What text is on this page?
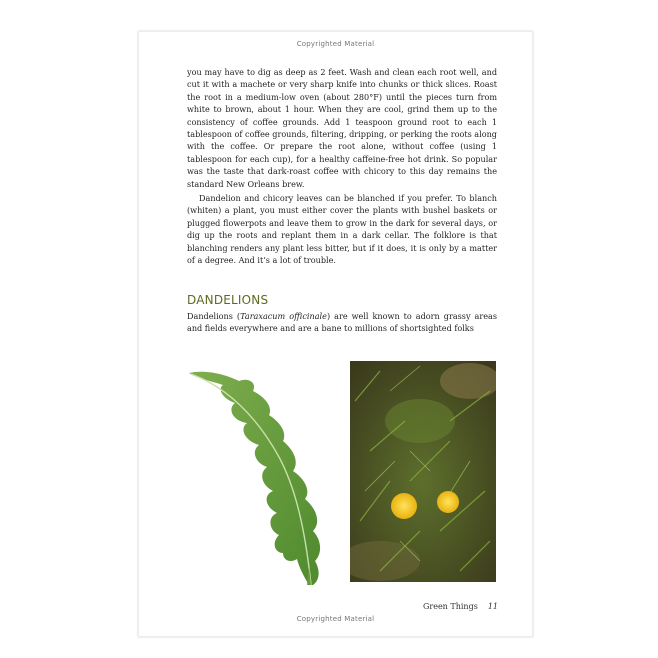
Copyrighted Material

you may have to dig as deep as 2 feet. Wash and clean each root well, and cut it with a machete or very sharp knife into chunks or thick slices. Roast the root in a medium-low oven (about 280°F) until the pieces turn from white to brown, about 1 hour. When they are cool, grind them up to the consistency of coffee grounds. Add 1 teaspoon ground root to each 1 tablespoon of coffee grounds, filtering, dripping, or perking the roots along with the coffee. Or prepare the root alone, without coffee (using 1 tablespoon for each cup), for a healthy caffeine-free hot drink. So popular was the taste that dark-roast coffee with chicory to this day remains the standard New Orleans brew.

Dandelion and chicory leaves can be blanched if you prefer. To blanch (whiten) a plant, you must either cover the plants with bushel baskets or plugged flowerpots and leave them to grow in the dark for several days, or dig up the roots and replant them in a dark cellar. The folklore is that blanching renders any plant less bitter, but if it does, it is only by a matter of a degree. And it’s a lot of trouble.

DANDELIONS

Dandelions (Taraxacum officinale) are well known to adorn grassy areas and fields everywhere and are a bane to millions of shortsighted folks

Green Things 11
Copyrighted Material
